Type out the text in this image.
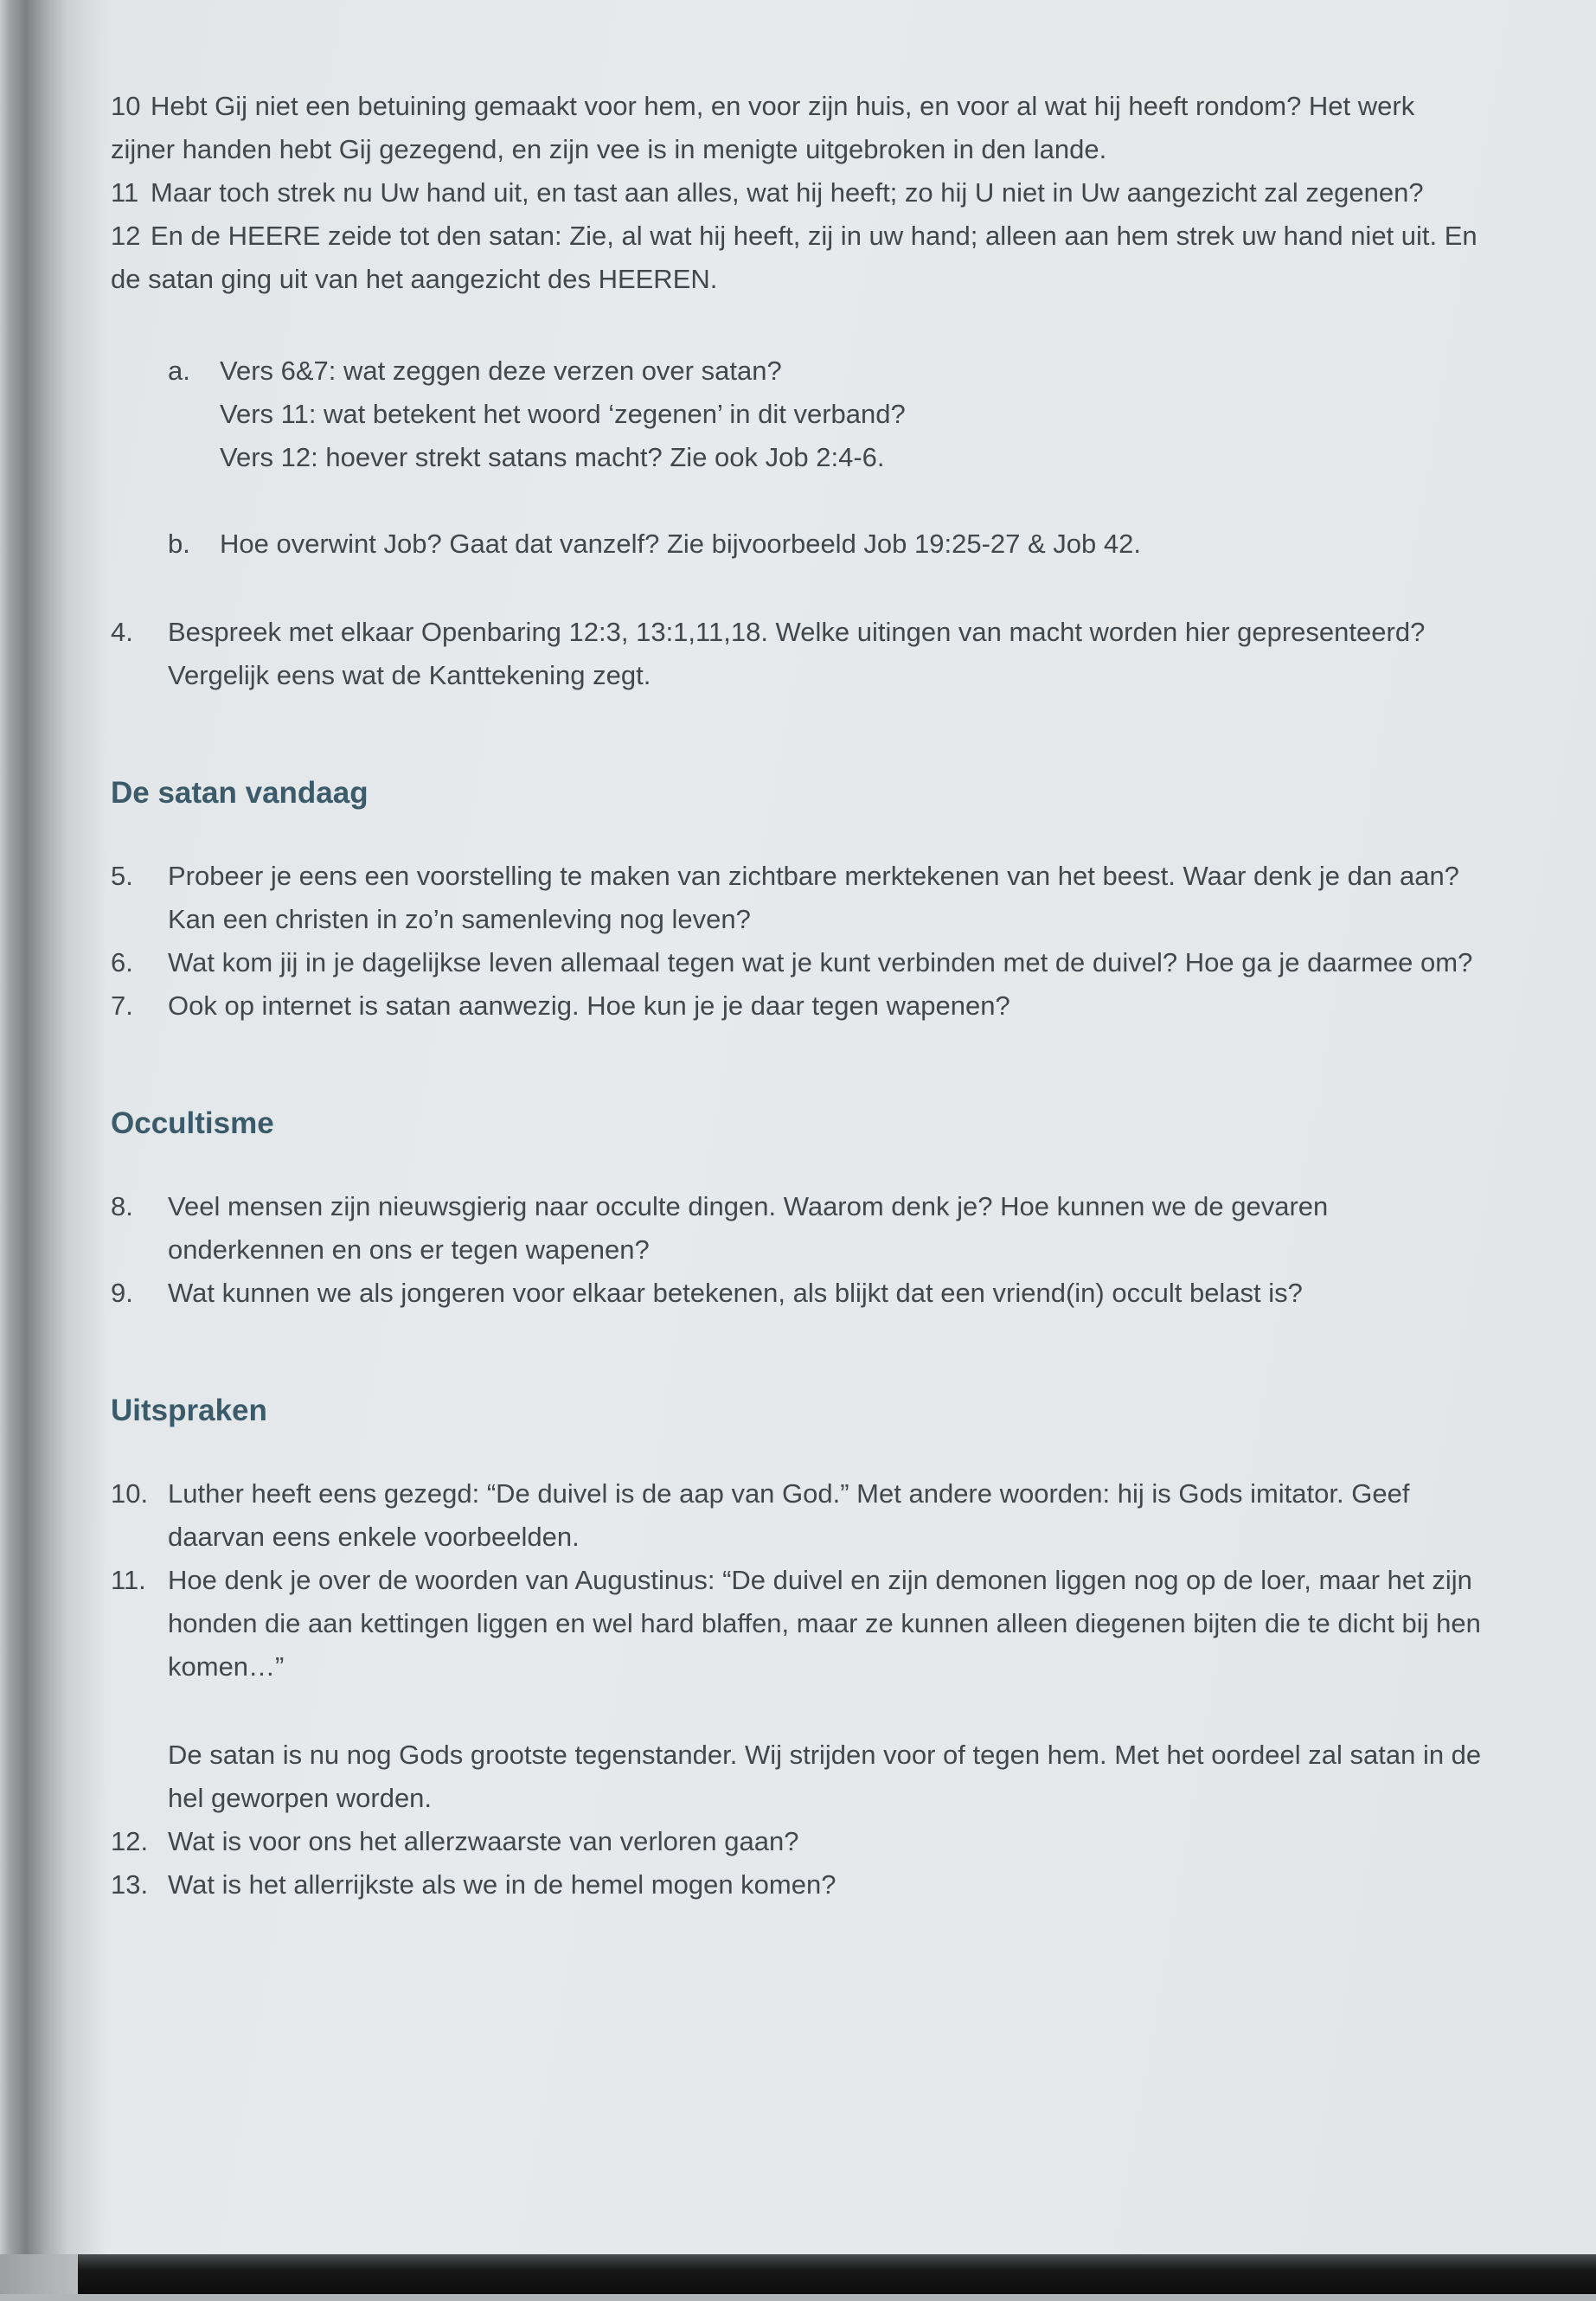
10 Hebt Gij niet een betuining gemaakt voor hem, en voor zijn huis, en voor al wat hij heeft rondom? Het werk zijner handen hebt Gij gezegend, en zijn vee is in menigte uitgebroken in den lande.

11 Maar toch strek nu Uw hand uit, en tast aan alles, wat hij heeft; zo hij U niet in Uw aangezicht zal zegenen?

12 En de HEERE zeide tot den satan: Zie, al wat hij heeft, zij in uw hand; alleen aan hem strek uw hand niet uit. En de satan ging uit van het aangezicht des HEEREN.

a.	Vers 6&7: wat zeggen deze verzen over satan?
Vers 11: wat betekent het woord ‘zegenen’ in dit verband?
Vers 12: hoever strekt satans macht? Zie ook Job 2:4-6.
b.	Hoe overwint Job? Gaat dat vanzelf? Zie bijvoorbeeld Job 19:25-27 & Job 42.
4.	Bespreek met elkaar Openbaring 12:3, 13:1,11,18. Welke uitingen van macht worden hier gepresenteerd? Vergelijk eens wat de Kanttekening zegt.
De satan vandaag
5.	Probeer je eens een voorstelling te maken van zichtbare merktekenen van het beest. Waar denk je dan aan? Kan een christen in zo’n samenleving nog leven?
6.	Wat kom jij in je dagelijkse leven allemaal tegen wat je kunt verbinden met de duivel? Hoe ga je daarmee om?
7.	Ook op internet is satan aanwezig. Hoe kun je je daar tegen wapenen?
Occultisme
8.	Veel mensen zijn nieuwsgierig naar occulte dingen. Waarom denk je? Hoe kunnen we de gevaren onderkennen en ons er tegen wapenen?
9.	Wat kunnen we als jongeren voor elkaar betekenen, als blijkt dat een vriend(in) occult belast is?
Uitspraken
10. Luther heeft eens gezegd: “De duivel is de aap van God.” Met andere woorden: hij is Gods imitator. Geef daarvan eens enkele voorbeelden.
11. Hoe denk je over de woorden van Augustinus: “De duivel en zijn demonen liggen nog op de loer, maar het zijn honden die aan kettingen liggen en wel hard blaffen, maar ze kunnen alleen diegenen bijten die te dicht bij hen komen…”

De satan is nu nog Gods grootste tegenstander. Wij strijden voor of tegen hem. Met het oordeel zal satan in de hel geworpen worden.

12. Wat is voor ons het allerzwaarste van verloren gaan?
13. Wat is het allerrijkste als we in de hemel mogen komen?
